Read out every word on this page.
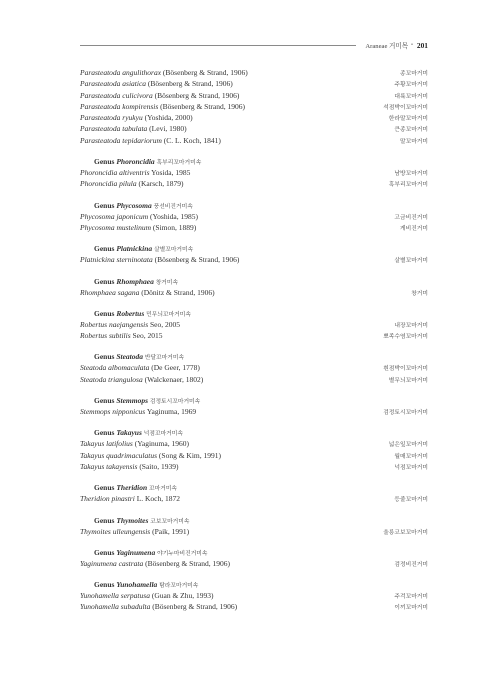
Araneae 거미목 • 201
Parasteatoda angulithorax (Bösenberg & Strand, 1906)	종꼬마거미
Parasteatoda asiatica (Bösenberg & Strand, 1906)	주황꼬마거미
Parasteatoda culicivora (Bösenberg & Strand, 1906)	대륙꼬마거미
Parasteatoda kompirensis (Bösenberg & Strand, 1906)	석점박이꼬마거미
Parasteatoda ryukyu (Yoshida, 2000)	한라말꼬마거미
Parasteatoda tabulata (Levi, 1980)	큰종꼬마거미
Parasteatoda tepidariorum (C. L. Koch, 1841)	말꼬마거미
Genus Phoroncidia 혹부리꼬마거미속
Phoroncidia altiventris Yosida, 1985	남방꼬마거미
Phoroncidia pilula (Karsch, 1879)	혹부리꼬마거미
Genus Phycosoma 풍선비진거미속
Phycosoma japonicum (Yoshida, 1985)	고금비진거미
Phycosoma mustelinum (Simon, 1889)	게비진거미
Genus Platnickina 살별꼬마거미속
Platnickina sterninotata (Bösenberg & Strand, 1906)	살별꼬마거미
Genus Rhomphaea 창거미속
Rhomphaea sagana (Dönitz & Strand, 1906)	창거미
Genus Robertus 민무늬꼬마거미속
Robertus naejangensis Seo, 2005	내장꼬마거미
Robertus subtilis Seo, 2015	뾰족수염꼬마거미
Genus Steatoda 반달꼬마거미속
Steatoda albomaculata (De Geer, 1778)	흰점박이꼬마거미
Steatoda triangulosa (Walckenaer, 1802)	별무늬꼬마거미
Genus Stemmops 검정토시꼬마거미속
Stemmops nipponicus Yaginuma, 1969	검정토시꼬마거미
Genus Takayus 넉점꼬마거미속
Takayus latifolius (Yaginuma, 1960)	넓은잎꼬마거미
Takayus quadrimaculatus (Song & Kim, 1991)	월매꼬마거미
Takayus takayensis (Saito, 1939)	넉점꼬마거미
Genus Theridion 꼬마거미속
Theridion pinastri L. Koch, 1872	등줄꼬마거미
Genus Thymoites 코보꼬마거미속
Thymoites ulleungensis (Paik, 1991)	울릉코보꼬마거미
Genus Yaginumena 야기누마비진거미속
Yaginumena castrata (Bösenberg & Strand, 1906)	검정비진거미
Genus Yunohamella 탐라꼬마거미속
Yunohamella serpatusa (Guan & Zhu, 1993)	주걱꼬마거미
Yunohamella subadulta (Bösenberg & Strand, 1906)	이끼꼬마거미
